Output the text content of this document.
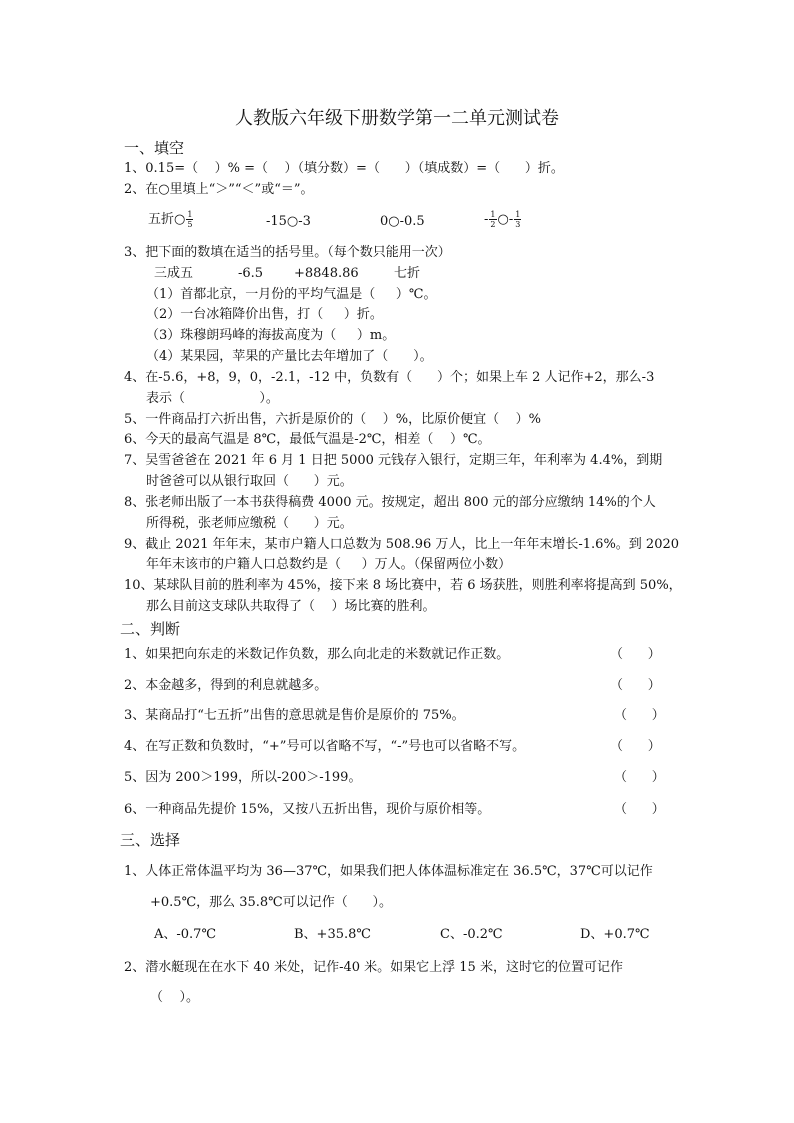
人教版六年级下册数学第一二单元测试卷
一、填空
1、0.15=（    ）% =（    ）（填分数）=（      ）（填成数）=（      ）折。
2、在○里填上“＞”“＜”或“＝”。
五折○ $\frac{1}{5}$	-15○-3	0○-0.5	- $\frac{1}{2}$ ○- $\frac{1}{3}$
3、把下面的数填在适当的括号里。（每个数只能用一次）
三成五	-6.5 +8848.86	七折
（1）首都北京，一月份的平均气温是（     ）℃。
（2）一台冰箱降价出售，打（     ）折。
（3）珠穆朗玛峰的海拔高度为（     ）m。
（4）某果园，苹果的产量比去年增加了（      ）。
4、在-5.6，+8，9，0，-2.1，-12 中，负数有（      ）个；如果上车 2 人记作+2，那么-3
表示（                  ）。
5、一件商品打六折出售，六折是原价的（    ）%，比原价便宜（    ）%
6、今天的最高气温是 8℃，最低气温是-2℃，相差（    ）℃。
7、吴雪爸爸在 2021 年 6 月 1 日把 5000 元钱存入银行，定期三年，年利率为 4.4%，到期
时爸爸可以从银行取回（      ）元。
8、张老师出版了一本书获得稿费 4000 元。按规定，超出 800 元的部分应缴纳 14%的个人
所得税，张老师应缴税（      ）元。
9、截止 2021 年年末，某市户籍人口总数为 508.96 万人，比上一年年末增长-1.6%。到 2020
年年末该市的户籍人口总数约是（     ）万人。（保留两位小数）
10、某球队目前的胜利率为 45%，接下来 8 场比赛中，若 6 场获胜，则胜利率将提高到 50%，
那么目前这支球队共取得了（    ）场比赛的胜利。
二、判断
1、如果把向东走的米数记作负数，那么向北走的米数就记作正数。	（      ）
2、本金越多，得到的利息就越多。	（      ）
3、某商品打“七五折”出售的意思就是售价是原价的 75%。	（      ）
4、在写正数和负数时，“+”号可以省略不写，“-”号也可以省略不写。	（      ）
5、因为 200＞199，所以-200＞-199。	（      ）
6、一种商品先提价 15%，又按八五折出售，现价与原价相等。	（      ）
三、选择
1、人体正常体温平均为 36—37℃，如果我们把人体体温标准定在 36.5℃，37℃可以记作
+0.5℃，那么 35.8℃可以记作（      ）。
A、-0.7℃	B、+35.8℃	C、-0.2℃	D、+0.7℃
2、潜水艇现在在水下 40 米处，记作-40 米。如果它上浮 15 米，这时它的位置可记作
（    ）。
